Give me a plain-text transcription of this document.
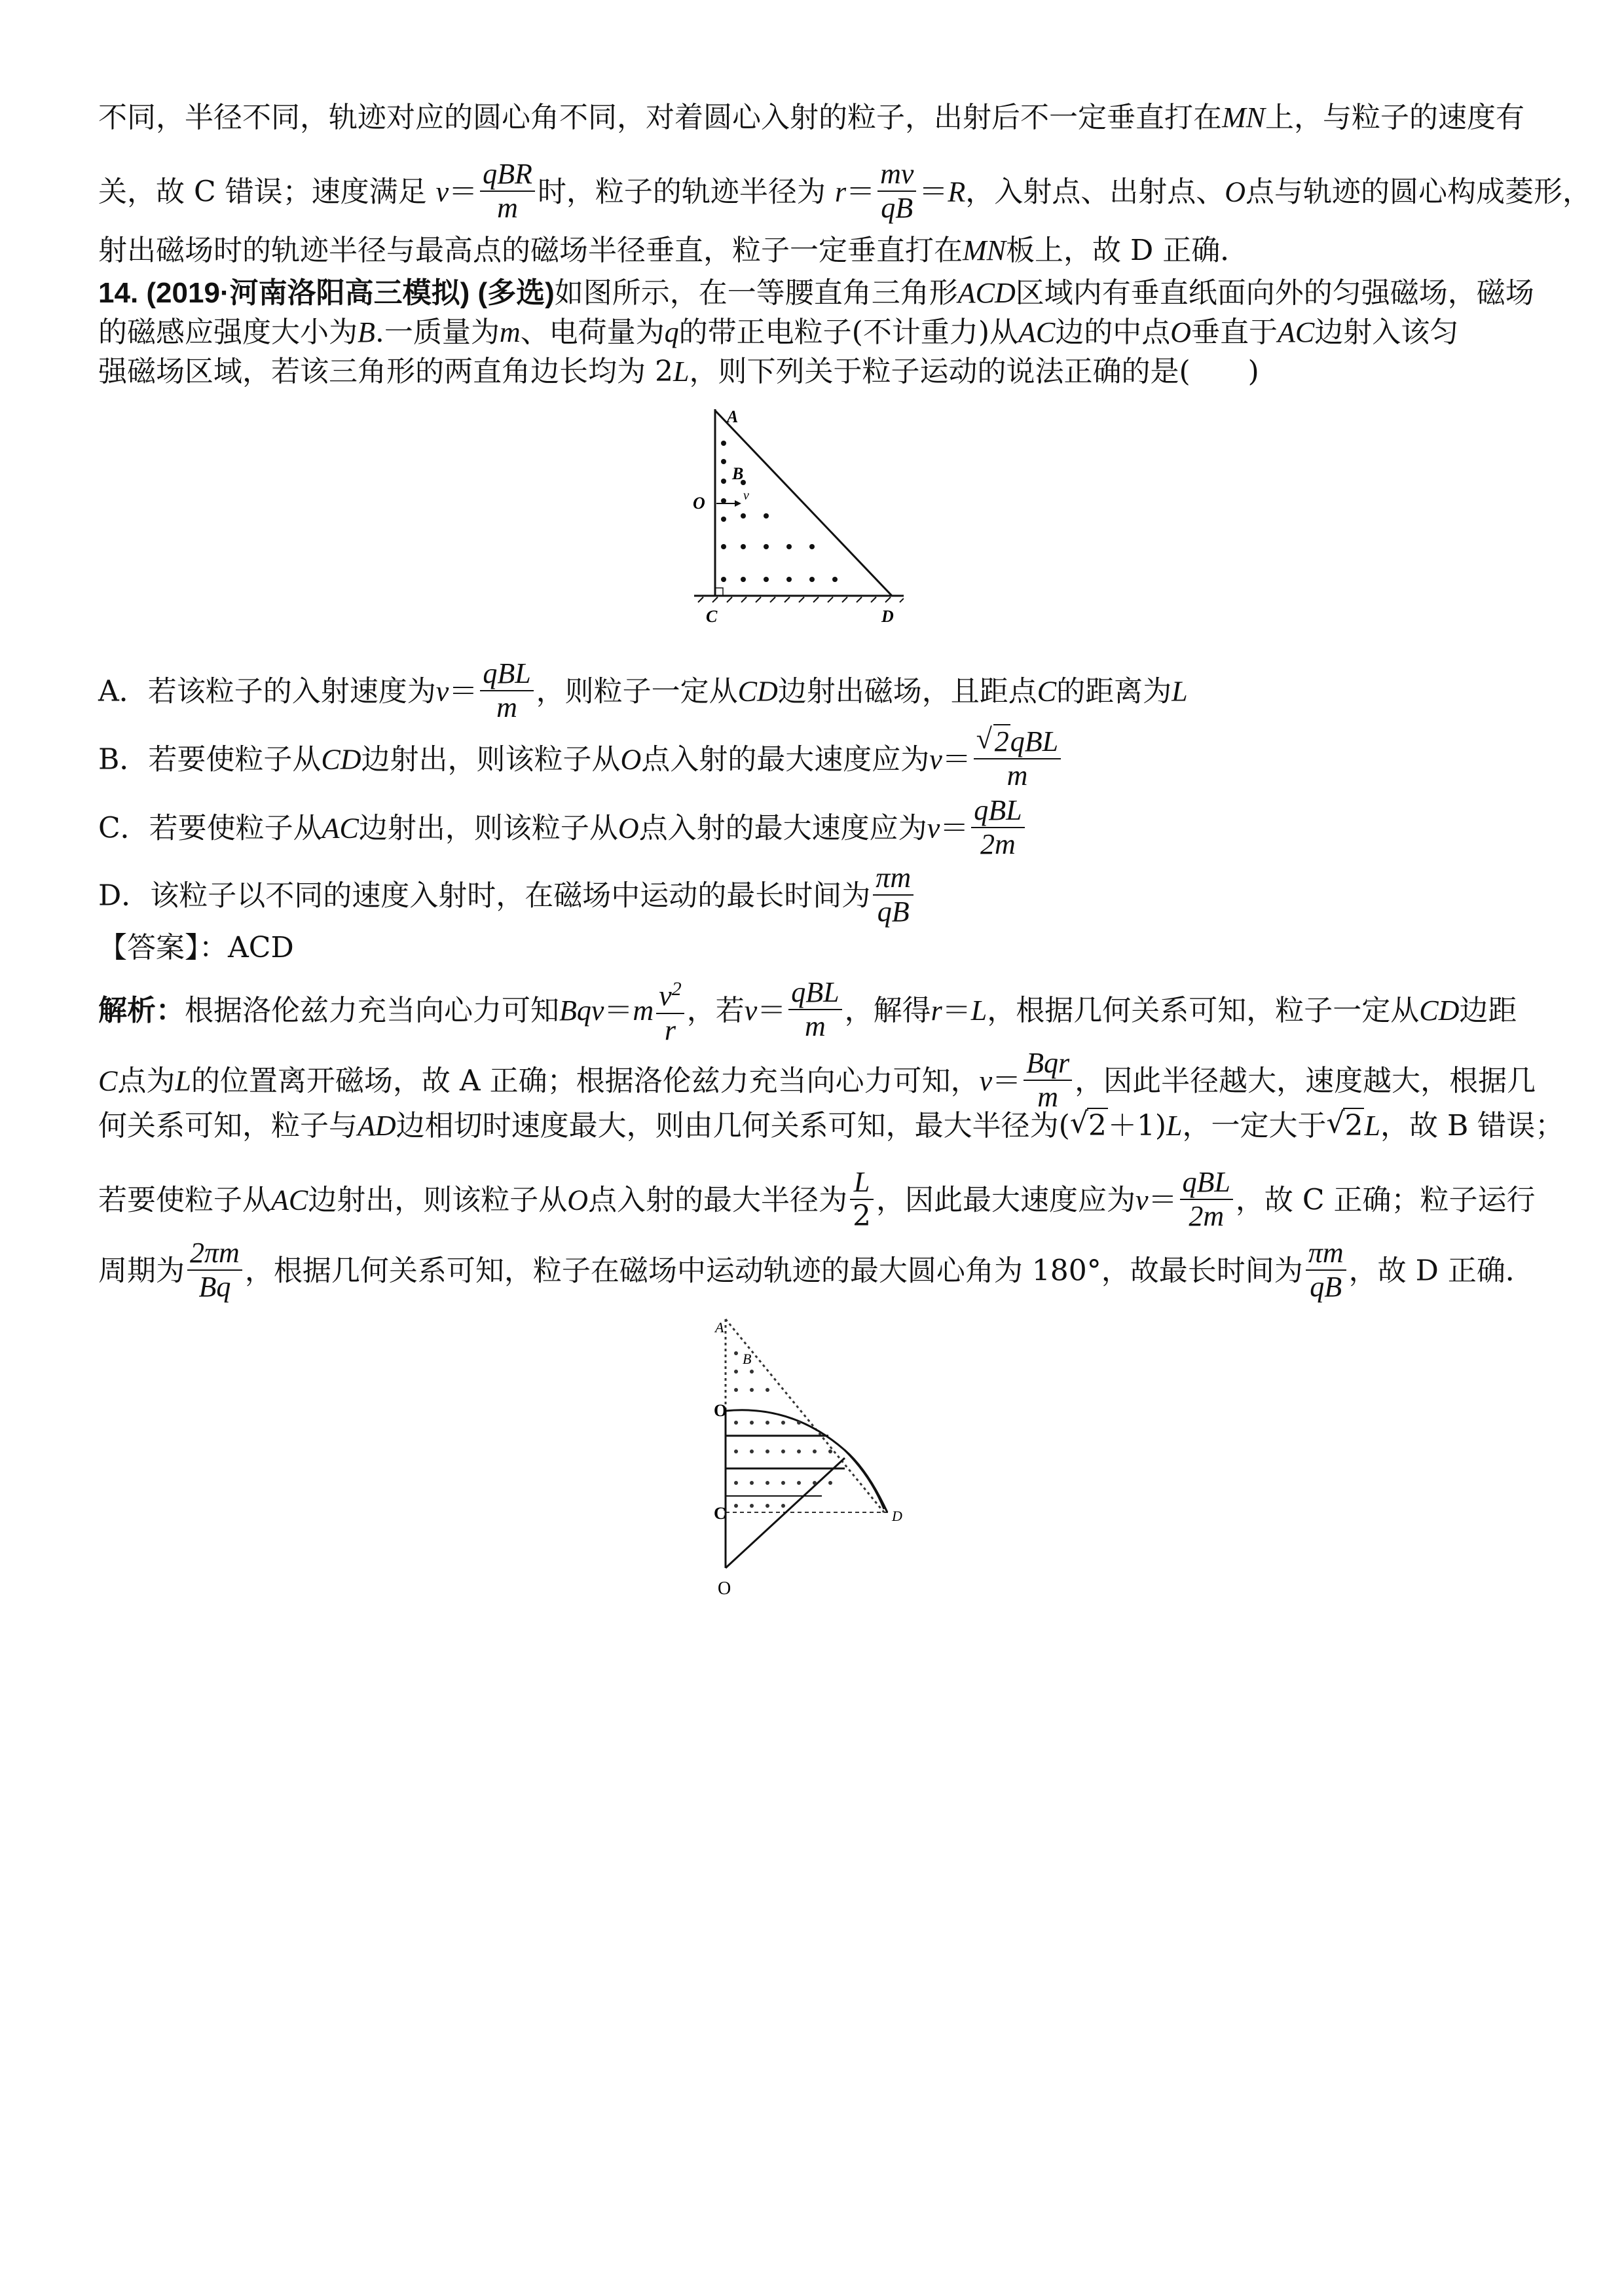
不同，半径不同，轨迹对应的圆心角不同，对着圆心入射的粒子，出射后不一定垂直打在MN上，与粒子的速度有
关，故 C 错误；速度满足 $v= \frac{\text{qBR}}{m}$ 时，粒子的轨迹半径为 $r= \frac{mv}{qB} =R$，入射点、出射点、O点与轨迹的圆心构成菱形，
射出磁场时的轨迹半径与最高点的磁场半径垂直，粒子一定垂直打在MN板上，故 D 正确．
14. (2019·河南洛阳高三模拟) (多选)如图所示，在一等腰直角三角形ACD区域内有垂直纸面向外的匀强磁场，磁场
的磁感应强度大小为B.一质量为m、电荷量为q的带正电粒子(不计重力)从AC边的中点O垂直于AC边射入该匀
强磁场区域，若该三角形的两直角边长均为 2L，则下列关于粒子运动的说法正确的是(　　)
A
B
O	v
C	D
A．若该粒子的入射速度为$v= \frac{\text{qBL}}{m}$ ，则粒子一定从CD边射出磁场，且距点C的距离为L
B．若要使粒子从CD边射出，则该粒子从O点入射的最大速度应为v＝ √ $\frac{\text{2qBL}}{m}$
C．若要使粒子从AC边射出，则该粒子从O点入射的最大速度应为$v= \frac{\text{qBL}}{2m}$
D．该粒子以不同的速度入射时，在磁场中运动的最长时间为 $\frac{\pi m}{qB}$
【答案】：ACD
解析：根据洛伦兹力充当向心力可知$Bqv=m \frac{v^2}{r}$ ，若$v= \frac{\text{qBL}}{m}$ ，解得r＝L，根据几何关系可知，粒子一定从CD边距
C点为L的位置离开磁场，故 A 正确；根据洛伦兹力充当向心力可知，$v= \frac{\text{Bqr}}{m}$ ，因此半径越大，速度越大，根据几
何关系可知，粒子与AD边相切时速度最大，则由几何关系可知，最大半径为( √ 2＋1)L，一定大于 √ 2L，故 B 错误；
若要使粒子从AC边射出，则该粒子从O点入射的最大半径为 $\frac{L}{2}$ ，因此最大速度应为$v= \frac{\text{qBL}}{2m}$ ，故 C 正确；粒子运行
周期为 $\frac{2\pi m}{Bq}$ ，根据几何关系可知，粒子在磁场中运动轨迹的最大圆心角为 180°，故最长时间为 $\frac{\pi m}{qB}$ ，故 D 正确．
A
B
O
C	D
O
